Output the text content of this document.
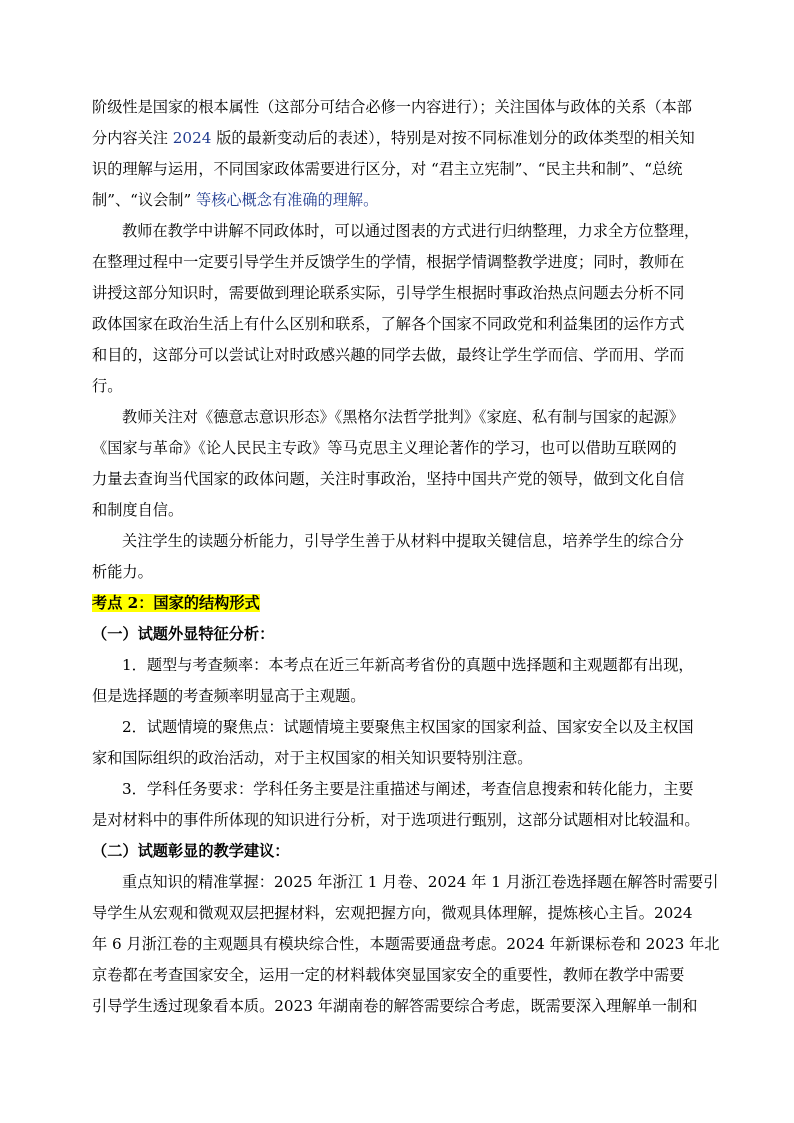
阶级性是国家的根本属性（这部分可结合必修一内容进行）；关注国体与政体的关系（本部
分内容关注 2024 版的最新变动后的表述），特别是对按不同标准划分的政体类型的相关知
识的理解与运用，不同国家政体需要进行区分，对 “君主立宪制”、“民主共和制”、“总统
制”、“议会制” 等核心概念有准确的理解。
教师在教学中讲解不同政体时，可以通过图表的方式进行归纳整理，力求全方位整理，
在整理过程中一定要引导学生并反馈学生的学情，根据学情调整教学进度；同时，教师在
讲授这部分知识时，需要做到理论联系实际，引导学生根据时事政治热点问题去分析不同
政体国家在政治生活上有什么区别和联系，了解各个国家不同政党和利益集团的运作方式
和目的，这部分可以尝试让对时政感兴趣的同学去做，最终让学生学而信、学而用、学而
行。
教师关注对《德意志意识形态》《黑格尔法哲学批判》《家庭、私有制与国家的起源》
《国家与革命》《论人民民主专政》等马克思主义理论著作的学习，也可以借助互联网的
力量去查询当代国家的政体问题，关注时事政治，坚持中国共产党的领导，做到文化自信
和制度自信。
关注学生的读题分析能力，引导学生善于从材料中提取关键信息，培养学生的综合分
析能力。
考点 2：国家的结构形式
（一）试题外显特征分析：
1．题型与考查频率：本考点在近三年新高考省份的真题中选择题和主观题都有出现，
但是选择题的考查频率明显高于主观题。
2．试题情境的聚焦点：试题情境主要聚焦主权国家的国家利益、国家安全以及主权国
家和国际组织的政治活动，对于主权国家的相关知识要特别注意。
3．学科任务要求：学科任务主要是注重描述与阐述，考查信息搜索和转化能力，主要
是对材料中的事件所体现的知识进行分析，对于选项进行甄别，这部分试题相对比较温和。
（二）试题彰显的教学建议：
重点知识的精准掌握：2025 年浙江 1 月卷、2024 年 1 月浙江卷选择题在解答时需要引
导学生从宏观和微观双层把握材料，宏观把握方向，微观具体理解，提炼核心主旨。2024
年 6 月浙江卷的主观题具有模块综合性，本题需要通盘考虑。2024 年新课标卷和 2023 年北
京卷都在考查国家安全，运用一定的材料载体突显国家安全的重要性，教师在教学中需要
引导学生透过现象看本质。2023 年湖南卷的解答需要综合考虑，既需要深入理解单一制和
